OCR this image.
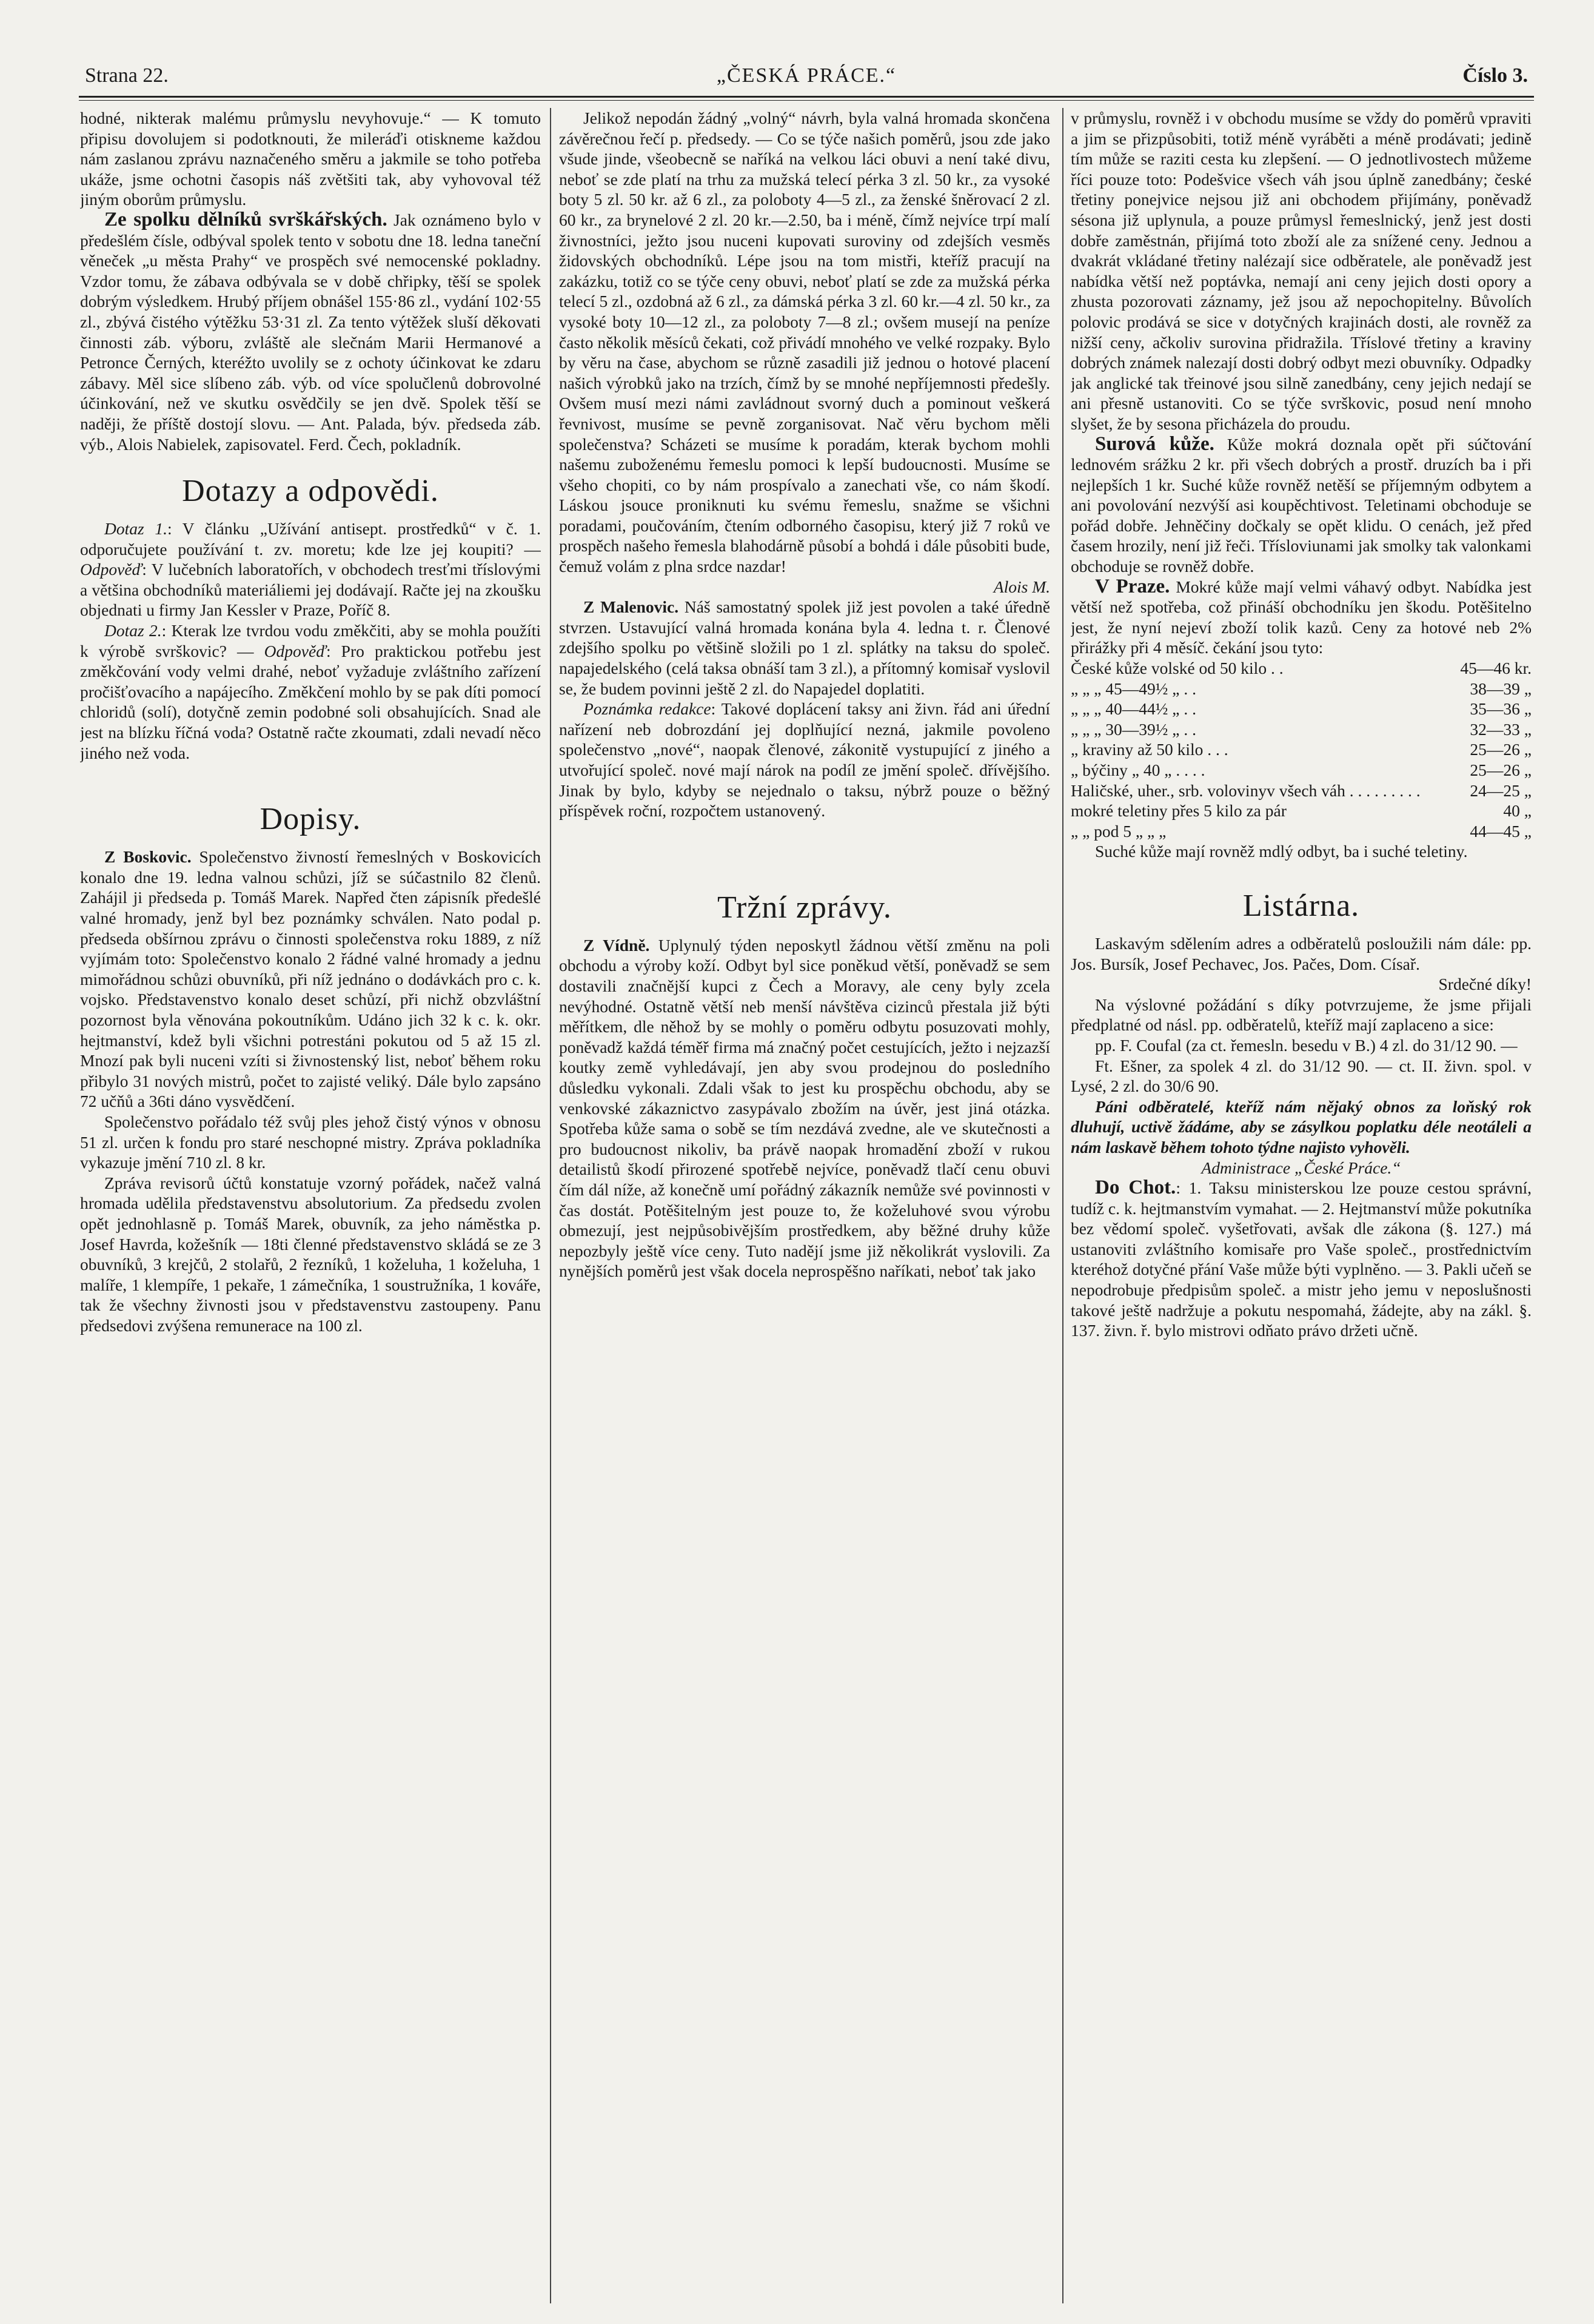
Strana 22.	„ČESKÁ PRÁCE.“	Číslo 3.

hodné, nikterak malému průmyslu nevyhovuje.“ — K tomuto připisu dovolujem si podotknouti, že mileráďi otiskneme každou nám zaslanou zprávu naznačeného směru a jakmile se toho potřeba ukáže, jsme ochotni časopis náš zvětšiti tak, aby vyhovoval též jiným oborům průmyslu.

Ze spolku dělníků svrškářských. Jak oznámeno bylo v předešlém čísle, odbýval spolek tento v sobotu dne 18. ledna taneční věneček „u města Prahy“ ve prospěch své nemocenské pokladny. Vzdor tomu, že zábava odbývala se v době chřipky, těší se spolek dobrým výsledkem. Hrubý příjem obnášel 155·86 zl., vydání 102·55 zl., zbývá čistého výtěžku 53·31 zl. Za tento výtěžek sluší děkovati činnosti záb. výboru, zvláště ale slečnám Marii Hermanové a Petronce Černých, kteréžto uvolily se z ochoty účinkovat ke zdaru zábavy. Měl sice slíbeno záb. výb. od více spolučlenů dobrovolné účinkování, než ve skutku osvědčily se jen dvě. Spolek těší se naději, že příště dostojí slovu. — Ant. Palada, býv. předseda záb. výb., Alois Nabielek, zapisovatel. Ferd. Čech, pokladník.

Dotazy a odpovědi.

Dotaz 1.: V článku „Užívání antisept. prostředků“ v č. 1. odporučujete používání t. zv. moretu; kde lze jej koupiti? — Odpověď: V lučebních laboratořích, v obchodech tresťmi tříslovými a většina obchodníků materiáliemi jej dodávají. Račte jej na zkoušku objednati u firmy Jan Kessler v Praze, Poříč 8.

Dotaz 2.: Kterak lze tvrdou vodu změkčiti, aby se mohla použíti k výrobě svrškovic? — Odpověď: Pro praktickou potřebu jest změkčování vody velmi drahé, neboť vyžaduje zvláštního zařízení pročišťovacího a napájecího. Změkčení mohlo by se pak díti pomocí chloridů (solí), dotyčně zemin podobné soli obsahujících. Snad ale jest na blízku říčná voda? Ostatně račte zkoumati, zdali nevadí něco jiného než voda.

Dopisy.

Z Boskovic. Společenstvo živností řemeslných v Boskovicích konalo dne 19. ledna valnou schůzi, jíž se súčastnilo 82 členů. Zahájil ji předseda p. Tomáš Marek. Napřed čten zápisník předešlé valné hromady, jenž byl bez poznámky schválen. Nato podal p. předseda obšírnou zprávu o činnosti společenstva roku 1889, z níž vyjímám toto: Společenstvo konalo 2 řádné valné hromady a jednu mimořádnou schůzi obuvníků, při níž jednáno o dodávkách pro c. k. vojsko. Představenstvo konalo deset schůzí, při nichž obzvláštní pozornost byla věnována pokoutníkům. Udáno jich 32 k c. k. okr. hejtmanství, kdež byli všichni potrestáni pokutou od 5 až 15 zl. Mnozí pak byli nuceni vzíti si živnostenský list, neboť během roku přibylo 31 nových mistrů, počet to zajisté veliký. Dále bylo zapsáno 72 učňů a 36ti dáno vysvědčení.

Společenstvo pořádalo též svůj ples jehož čistý výnos v obnosu 51 zl. určen k fondu pro staré neschopné mistry. Zpráva pokladníka vykazuje jmění 710 zl. 8 kr.

Zpráva revisorů účtů konstatuje vzorný pořádek, načež valná hromada udělila představenstvu absolutorium. Za předsedu zvolen opět jednohlasně p. Tomáš Marek, obuvník, za jeho náměstka p. Josef Havrda, kožešník — 18ti členné představenstvo skládá se ze 3 obuvníků, 3 krejčů, 2 stolařů, 2 řezníků, 1 koželuha, 1 koželuha, 1 malíře, 1 klempíře, 1 pekaře, 1 zámečníka, 1 soustružníka, 1 kováře, tak že všechny živnosti jsou v představenstvu zastoupeny. Panu předsedovi zvýšena remunerace na 100 zl.

Jelikož nepodán žádný „volný“ návrh, byla valná hromada skončena závěrečnou řečí p. předsedy. — Co se týče našich poměrů, jsou zde jako všude jinde, všeobecně se naříká na velkou láci obuvi a není také divu, neboť se zde platí na trhu za mužská telecí pérka 3 zl. 50 kr., za vysoké boty 5 zl. 50 kr. až 6 zl., za poloboty 4—5 zl., za ženské šněrovací 2 zl. 60 kr., za brynelové 2 zl. 20 kr.—2.50, ba i méně, čímž nejvíce trpí malí živnostníci, ježto jsou nuceni kupovati suroviny od zdejších vesměs židovských obchodníků. Lépe jsou na tom mistři, kteříž pracují na zakázku, totiž co se týče ceny obuvi, neboť platí se zde za mužská pérka telecí 5 zl., ozdobná až 6 zl., za dámská pérka 3 zl. 60 kr.—4 zl. 50 kr., za vysoké boty 10—12 zl., za poloboty 7—8 zl.; ovšem musejí na peníze často několik měsíců čekati, což přivádí mnohého ve velké rozpaky. Bylo by věru na čase, abychom se různě zasadili již jednou o hotové placení našich výrobků jako na trzích, čímž by se mnohé nepříjemnosti předešly. Ovšem musí mezi námi zavládnout svorný duch a pominout veškerá řevnivost, musíme se pevně zorganisovat. Nač věru bychom měli společenstva? Scházeti se musíme k poradám, kterak bychom mohli našemu zuboženému řemeslu pomoci k lepší budoucnosti. Musíme se všeho chopiti, co by nám prospívalo a zanechati vše, co nám škodí. Láskou jsouce proniknuti ku svému řemeslu, snažme se všichni poradami, poučováním, čtením odborného časopisu, který již 7 roků ve prospěch našeho řemesla blahodárně působí a bohdá i dále působiti bude, čemuž volám z plna srdce nazdar!

Alois M.

Z Malenovic. Náš samostatný spolek již jest povolen a také úředně stvrzen. Ustavující valná hromada konána byla 4. ledna t. r. Členové zdejšího spolku po většině složili po 1 zl. splátky na taksu do společ. napajedelského (celá taksa obnáší tam 3 zl.), a přítomný komisař vyslovil se, že budem povinni ještě 2 zl. do Napajedel doplatiti.

Poznámka redakce: Takové doplácení taksy ani živn. řád ani úřední nařízení neb dobrozdání jej doplňující nezná, jakmile povoleno společenstvo „nové“, naopak členové, zákonitě vystupující z jiného a utvořující společ. nové mají nárok na podíl ze jmění společ. dřívějšího. Jinak by bylo, kdyby se nejednalo o taksu, nýbrž pouze o běžný příspěvek roční, rozpočtem ustanovený.

Tržní zprávy.

Z Vídně. Uplynulý týden neposkytl žádnou větší změnu na poli obchodu a výroby koží. Odbyt byl sice poněkud větší, poněvadž se sem dostavili značnější kupci z Čech a Moravy, ale ceny byly zcela nevýhodné. Ostatně větší neb menší návštěva cizinců přestala již býti měřítkem, dle něhož by se mohly o poměru odbytu posuzovati mohly, poněvadž každá téměř firma má značný počet cestujících, ježto i nejzazší koutky země vyhledávají, jen aby svou prodejnou do posledního důsledku vykonali. Zdali však to jest ku prospěchu obchodu, aby se venkovské zákaznictvo zasypávalo zbožím na úvěr, jest jiná otázka. Spotřeba kůže sama o sobě se tím nezdává zvedne, ale ve skutečnosti a pro budoucnost nikoliv, ba právě naopak hromadění zboží v rukou detailistů škodí přirozené spotřebě nejvíce, poněvadž tlačí cenu obuvi čím dál níže, až konečně umí pořádný zákazník nemůže své povinnosti v čas dostát. Potěšitelným jest pouze to, že koželuhové svou výrobu obmezují, jest nejpůsobivějším prostředkem, aby běžné druhy kůže nepozbyly ještě více ceny. Tuto nadějí jsme již několikrát vyslovili. Za nynějších poměrů jest však docela neprospěšno naříkati, neboť tak jako

v průmyslu, rovněž i v obchodu musíme se vždy do poměrů vpraviti a jim se přizpůsobiti, totiž méně vyráběti a méně prodávati; jedině tím může se raziti cesta ku zlepšení. — O jednotlivostech můžeme říci pouze toto: Podešvice všech váh jsou úplně zanedbány; české třetiny ponejvice nejsou již ani obchodem přijímány, poněvadž sésona již uplynula, a pouze průmysl řemeslnický, jenž jest dosti dobře zaměstnán, přijímá toto zboží ale za snížené ceny. Jednou a dvakrát vkládané třetiny nalézají sice odběratele, ale poněvadž jest nabídka větší než poptávka, nemají ani ceny jejich dosti opory a zhusta pozorovati záznamy, jež jsou až nepochopitelny. Bůvolích polovic prodává se sice v dotyčných krajinách dosti, ale rovněž za nižší ceny, ačkoliv surovina přidražila. Tříslové třetiny a kraviny dobrých známek nalezají dosti dobrý odbyt mezi obuvníky. Odpadky jak anglické tak třeinové jsou silně zanedbány, ceny jejich nedají se ani přesně ustanoviti. Co se týče svrškovic, posud není mnoho slyšet, že by sesona přicházela do proudu.

Surová kůže. Kůže mokrá doznala opět při súčtování lednovém srážku 2 kr. při všech dobrých a prostř. druzích ba i při nejlepších 1 kr. Suché kůže rovněž netěší se příjemným odbytem a ani povolování nezvýší asi koupěchtivost. Teletinami obchoduje se pořád dobře. Jehněčiny dočkaly se opět klidu. O cenách, jež před časem hrozily, není již řeči. Třísloviunami jak smolky tak valonkami obchoduje se rovněž dobře.

V Praze. Mokré kůže mají velmi váhavý odbyt. Nabídka jest větší než spotřeba, což přináší obchodníku jen škodu. Potěšitelno jest, že nyní nejeví zboží tolik kazů. Ceny za hotové neb 2% přirážky při 4 měsíč. čekání jsou tyto:

České kůže volské od 50 kilo . .	45—46 kr.
„ „ „ 45—49½ „ . .	38—39 „
„ „ „ 40—44½ „ . .	35—36 „
„ „ „ 30—39½ „ . .	32—33 „
„ kraviny až 50 kilo . . .	25—26 „
„ býčiny „ 40 „ . . . .	25—26 „
Haličské, uher., srb. volovinyv všech váh . . . . . . . . .	24—25 „
mokré teletiny přes 5 kilo za pár	40 „
„ „ pod 5 „ „ „	44—45 „

Suché kůže mají rovněž mdlý odbyt, ba i suché teletiny.

Listárna.

Laskavým sdělením adres a odběratelů posloužili nám dále: pp. Jos. Bursík, Josef Pechavec, Jos. Pačes, Dom. Císař.

Srdečné díky!

Na výslovné požádání s díky potvrzujeme, že jsme přijali předplatné od násl. pp. odběratelů, kteříž mají zaplaceno a sice:

pp. F. Coufal (za ct. řemesln. besedu v B.) 4 zl. do 31/12 90. —

Ft. Ešner, za spolek 4 zl. do 31/12 90. — ct. II. živn. spol. v Lysé, 2 zl. do 30/6 90.

Páni odběratelé, kteříž nám nějaký obnos za loňský rok dluhují, uctivě žádáme, aby se zásylkou poplatku déle neotáleli a nám laskavě během tohoto týdne najisto vyhověli.

Administrace „České Práce.“

Do Chot.: 1. Taksu ministerskou lze pouze cestou správní, tudíž c. k. hejtmanstvím vymahat. — 2. Hejtmanství může pokutníka bez vědomí společ. vyšetřovati, avšak dle zákona (§. 127.) má ustanoviti zvláštního komisaře pro Vaše společ., prostřednictvím kteréhož dotyčné přání Vaše může býti vyplněno. — 3. Pakli učeň se nepodrobuje předpisům společ. a mistr jeho jemu v neposlušnosti takové ještě nadržuje a pokutu nespomahá, žádejte, aby na zákl. §. 137. živn. ř. bylo mistrovi odňato právo držeti učně.
